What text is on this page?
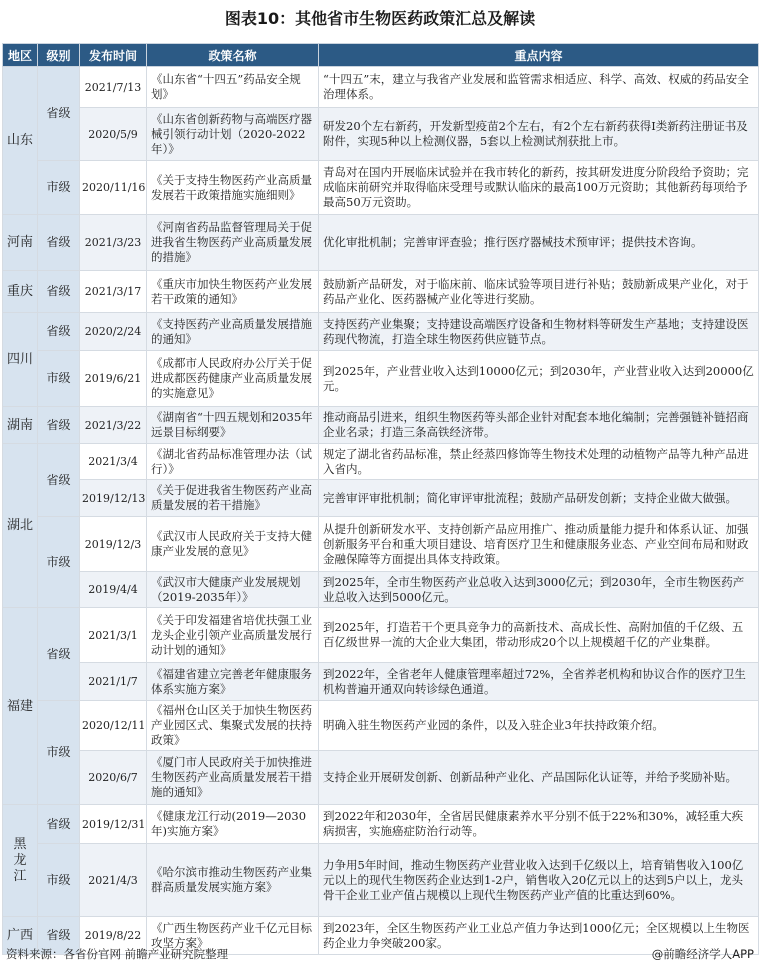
图表10：其他省市生物医药政策汇总及解读
地区	级别	发布时间	政策名称	重点内容
山东	省级	2021/7/13	《山东省“十四五”药品安全规划》	“十四五”末，建立与我省产业发展和监管需求相适应、科学、高效、权威的药品安全治理体系。
		2020/5/9	《山东省创新药物与高端医疗器械引领行动计划（2020-2022年）》	研发20个左右新药，开发新型疫苗2个左右，有2个左右新药获得I类新药注册证书及附件，实现5种以上检测仪器，5套以上检测试剂获批上市。
	市级	2020/11/16	《关于支持生物医药产业高质量发展若干政策措施实施细则》	青岛对在国内开展临床试验并在我市转化的新药，按其研发进度分阶段给予资助；完成临床前研究并取得临床受理号或默认临床的最高100万元资助；其他新药每项给予最高50万元资助。
河南	省级	2021/3/23	《河南省药品监督管理局关于促进我省生物医药产业高质量发展的措施》	优化审批机制；完善审评查验；推行医疗器械技术预审评；提供技术咨询。
重庆	省级	2021/3/17	《重庆市加快生物医药产业发展若干政策的通知》	鼓励新产品研发，对于临床前、临床试验等项目进行补贴；鼓励新成果产业化，对于药品产业化、医药器械产业化等进行奖励。
四川	省级	2020/2/24	《支持医药产业高质量发展措施的通知》	支持医药产业集聚；支持建设高端医疗设备和生物材料等研发生产基地；支持建设医药现代物流，打造全球生物医药供应链节点。
	市级	2019/6/21	《成都市人民政府办公厅关于促进成都医药健康产业高质量发展的实施意见》	到2025年，产业营业收入达到10000亿元；到2030年，产业营业收入达到20000亿元。
湖南	省级	2021/3/22	《湖南省“十四五规划和2035年远景目标纲要》	推动商品引进来，组织生物医药等头部企业针对配套本地化编制；完善强链补链招商企业名录；打造三条高铁经济带。
湖北	省级	2021/3/4	《湖北省药品标准管理办法（试行）》	规定了湖北省药品标准，禁止经蒸四修饰等生物技术处理的动植物产品等九种产品进入省内。
		2019/12/13	《关于促进我省生物医药产业高质量发展的若干措施》	完善审评审批机制；简化审评审批流程；鼓励产品研发创新；支持企业做大做强。
	市级	2019/12/3	《武汉市人民政府关于支持大健康产业发展的意见》	从提升创新研发水平、支持创新产品应用推广、推动质量能力提升和体系认证、加强创新服务平台和重大项目建设、培育医疗卫生和健康服务业态、产业空间布局和财政金融保障等方面提出具体支持政策。
		2019/4/4	《武汉市大健康产业发展规划（2019-2035年）》	到2025年，全市生物医药产业总收入达到3000亿元；到2030年，全市生物医药产业总收入达到5000亿元。
福建	省级	2021/3/1	《关于印发福建省培优扶强工业龙头企业引领产业高质量发展行动计划的通知》	到2025年，打造若干个更具竞争力的高新技术、高成长性、高附加值的千亿级、五百亿级世界一流的大企业大集团，带动形成20个以上规模超千亿的产业集群。
		2021/1/7	《福建省建立完善老年健康服务体系实施方案》	到2022年，全省老年人健康管理率超过72%，全省养老机构和协议合作的医疗卫生机构普遍开通双向转诊绿色通道。
	市级	2020/12/11	《福州仓山区关于加快生物医药产业园区式、集聚式发展的扶持政策》	明确入驻生物医药产业园的条件，以及入驻企业3年扶持政策介绍。
		2020/6/7	《厦门市人民政府关于加快推进生物医药产业高质量发展若干措施的通知》	支持企业开展研发创新、创新品种产业化、产品国际化认证等，并给予奖励补贴。
黑龙江	省级	2019/12/31	《健康龙江行动(2019—2030年)实施方案》	到2022年和2030年，全省居民健康素养水平分别不低于22%和30%，减轻重大疾病损害，实施癌症防治行动等。
	市级	2021/4/3	《哈尔滨市推动生物医药产业集群高质量发展实施方案》	力争用5年时间，推动生物医药产业营业收入达到千亿级以上，培育销售收入100亿元以上的现代生物医药企业达到1-2户，销售收入20亿元以上的达到5户以上，龙头骨干企业工业产值占规模以上现代生物医药产业产值的比重达到60%。
广西	省级	2019/8/22	《广西生物医药产业千亿元目标攻坚方案》	到2023年，全区生物医药产业工业总产值力争达到1000亿元；全区规模以上生物医药企业力争突破200家。
资料来源：各省份官网 前瞻产业研究院整理	@前瞻经济学人APP
